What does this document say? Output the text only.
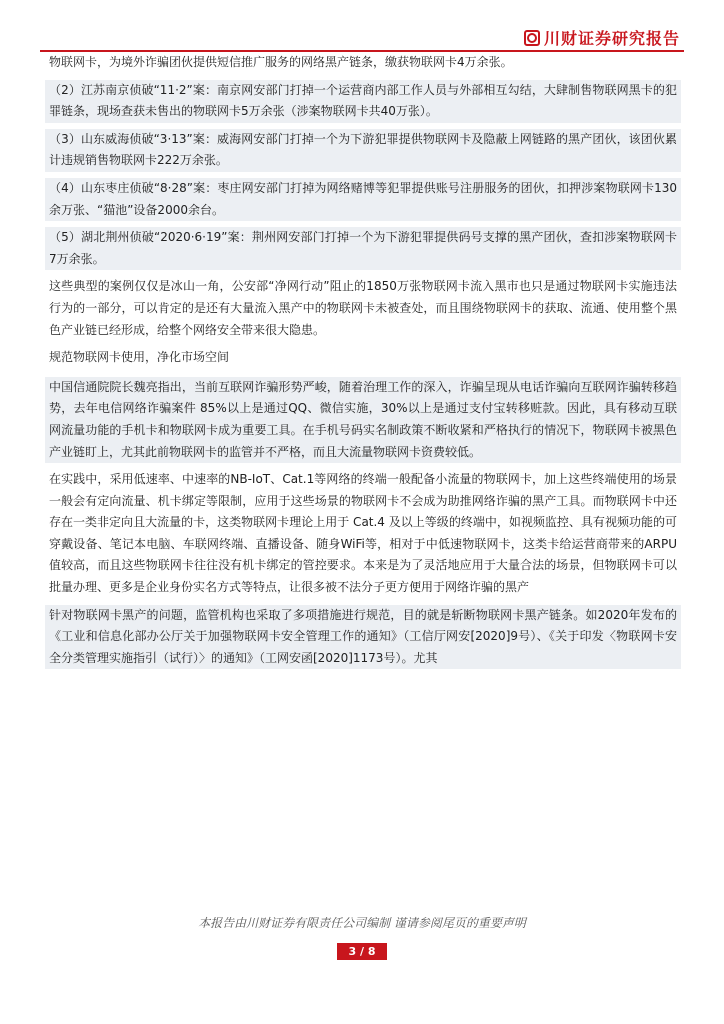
川财证券研究报告

物联网卡，为境外诈骗团伙提供短信推广服务的网络黑产链条，缴获物联网卡4万余张。

（2）江苏南京侦破“11·2”案：南京网安部门打掉一个运营商内部工作人员与外部相互勾结，大肆制售物联网黑卡的犯罪链条，现场查获未售出的物联网卡5万余张（涉案物联网卡共40万张）。

（3）山东威海侦破“3·13”案：威海网安部门打掉一个为下游犯罪提供物联网卡及隐蔽上网链路的黑产团伙，该团伙累计违规销售物联网卡222万余张。

（4）山东枣庄侦破“8·28”案：枣庄网安部门打掉为网络赌博等犯罪提供账号注册服务的团伙，扣押涉案物联网卡130余万张、“猫池”设备2000余台。

（5）湖北荆州侦破“2020·6·19”案：荆州网安部门打掉一个为下游犯罪提供码号支撑的黑产团伙，查扣涉案物联网卡7万余张。

这些典型的案例仅仅是冰山一角，公安部“净网行动”阻止的1850万张物联网卡流入黑市也只是通过物联网卡实施违法行为的一部分，可以肯定的是还有大量流入黑产中的物联网卡未被查处，而且围绕物联网卡的获取、流通、使用整个黑色产业链已经形成，给整个网络安全带来很大隐患。

规范物联网卡使用，净化市场空间

中国信通院院长魏亮指出，当前互联网诈骗形势严峻，随着治理工作的深入，诈骗呈现从电话诈骗向互联网诈骗转移趋势，去年电信网络诈骗案件 85%以上是通过QQ、微信实施，30%以上是通过支付宝转移赃款。因此，具有移动互联网流量功能的手机卡和物联网卡成为重要工具。在手机号码实名制政策不断收紧和严格执行的情况下，物联网卡被黑色产业链盯上，尤其此前物联网卡的监管并不严格，而且大流量物联网卡资费较低。

在实践中，采用低速率、中速率的NB-IoT、Cat.1等网络的终端一般配备小流量的物联网卡，加上这些终端使用的场景一般会有定向流量、机卡绑定等限制，应用于这些场景的物联网卡不会成为助推网络诈骗的黑产工具。而物联网卡中还存在一类非定向且大流量的卡，这类物联网卡理论上用于 Cat.4 及以上等级的终端中，如视频监控、具有视频功能的可穿戴设备、笔记本电脑、车联网终端、直播设备、随身WiFi等，相对于中低速物联网卡，这类卡给运营商带来的ARPU值较高，而且这些物联网卡往往没有机卡绑定的管控要求。本来是为了灵活地应用于大量合法的场景，但物联网卡可以批量办理、更多是企业身份实名方式等特点，让很多被不法分子更方便用于网络诈骗的黑产

针对物联网卡黑产的问题，监管机构也采取了多项措施进行规范，目的就是斩断物联网卡黑产链条。如2020年发布的《工业和信息化部办公厅关于加强物联网卡安全管理工作的通知》（工信厅网安[2020]9号）、《关于印发〈物联网卡安全分类管理实施指引（试行）〉的通知》（工网安函[2020]1173号）。尤其

本报告由川财证券有限责任公司编制 谨请参阅尾页的重要声明
3 / 8
